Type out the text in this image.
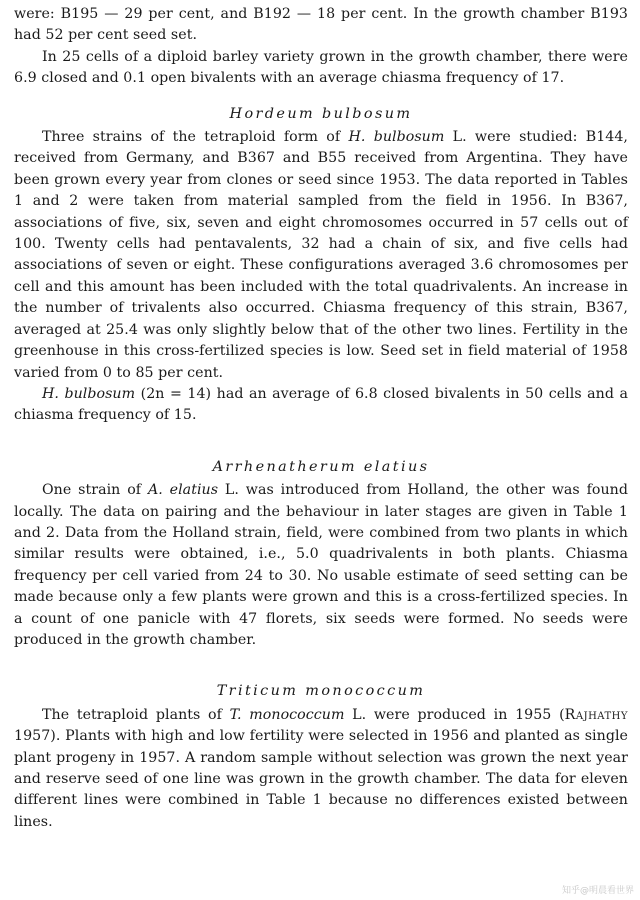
were: B195 — 29 per cent, and B192 — 18 per cent. In the growth chamber B193 had 52 per cent seed set.

In 25 cells of a diploid barley variety grown in the growth chamber, there were 6.9 closed and 0.1 open bivalents with an average chiasma frequency of 17.

Hordeum bulbosum

Three strains of the tetraploid form of H. bulbosum L. were studied: B144, received from Germany, and B367 and B55 received from Argentina. They have been grown every year from clones or seed since 1953. The data reported in Tables 1 and 2 were taken from material sampled from the field in 1956. In B367, associations of five, six, seven and eight chromosomes occurred in 57 cells out of 100. Twenty cells had pentavalents, 32 had a chain of six, and five cells had associations of seven or eight. These configurations averaged 3.6 chromosomes per cell and this amount has been included with the total quadrivalents. An increase in the number of trivalents also occurred. Chiasma frequency of this strain, B367, averaged at 25.4 was only slightly below that of the other two lines. Fertility in the greenhouse in this cross-fertilized species is low. Seed set in field material of 1958 varied from 0 to 85 per cent.

H. bulbosum (2n = 14) had an average of 6.8 closed bivalents in 50 cells and a chiasma frequency of 15.

Arrhenatherum elatius

One strain of A. elatius L. was introduced from Holland, the other was found locally. The data on pairing and the behaviour in later stages are given in Table 1 and 2. Data from the Holland strain, field, were combined from two plants in which similar results were obtained, i.e., 5.0 quadrivalents in both plants. Chiasma frequency per cell varied from 24 to 30. No usable estimate of seed setting can be made because only a few plants were grown and this is a cross-fertilized species. In a count of one panicle with 47 florets, six seeds were formed. No seeds were produced in the growth chamber.

Triticum monococcum

The tetraploid plants of T. monococcum L. were produced in 1955 (Rajhathy 1957). Plants with high and low fertility were selected in 1956 and planted as single plant progeny in 1957. A random sample without selection was grown the next year and reserve seed of one line was grown in the growth chamber. The data for eleven different lines were combined in Table 1 because no differences existed between lines.

知乎@明晨看世界
